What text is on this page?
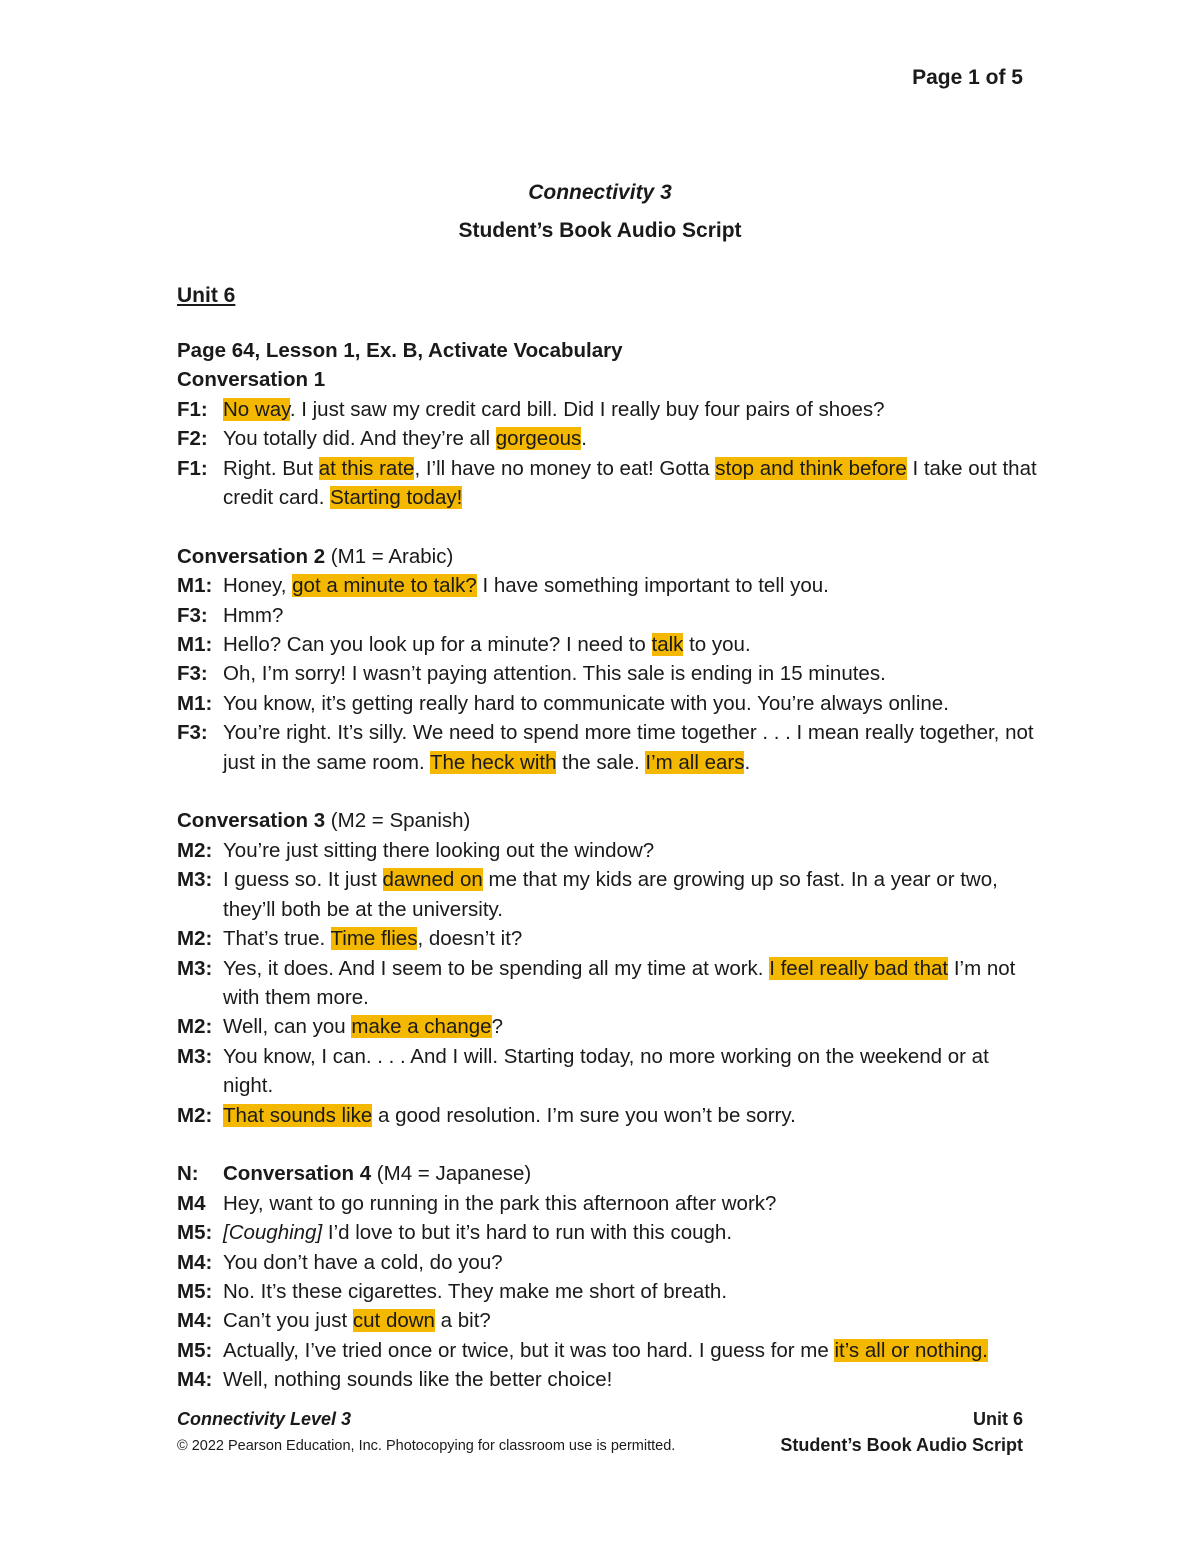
Page 1 of 5
Connectivity 3
Student’s Book Audio Script
Unit 6
Page 64, Lesson 1, Ex. B, Activate Vocabulary
Conversation 1
F1: No way. I just saw my credit card bill. Did I really buy four pairs of shoes?
F2: You totally did. And they’re all gorgeous.
F1: Right. But at this rate, I’ll have no money to eat! Gotta stop and think before I take out that credit card. Starting today!
Conversation 2 (M1 = Arabic)
M1: Honey, got a minute to talk? I have something important to tell you.
F3: Hmm?
M1: Hello? Can you look up for a minute? I need to talk to you.
F3: Oh, I’m sorry! I wasn’t paying attention. This sale is ending in 15 minutes.
M1: You know, it’s getting really hard to communicate with you. You’re always online.
F3: You’re right. It’s silly. We need to spend more time together . . . I mean really together, not just in the same room. The heck with the sale. I’m all ears.
Conversation 3 (M2 = Spanish)
M2: You’re just sitting there looking out the window?
M3: I guess so. It just dawned on me that my kids are growing up so fast. In a year or two, they’ll both be at the university.
M2: That’s true. Time flies, doesn’t it?
M3: Yes, it does. And I seem to be spending all my time at work. I feel really bad that I’m not with them more.
M2: Well, can you make a change?
M3: You know, I can. . . . And I will. Starting today, no more working on the weekend or at night.
M2: That sounds like a good resolution. I’m sure you won’t be sorry.
N:	Conversation 4 (M4 = Japanese)
M4 Hey, want to go running in the park this afternoon after work?
M5: [Coughing] I’d love to but it’s hard to run with this cough.
M4: You don’t have a cold, do you?
M5: No. It’s these cigarettes. They make me short of breath.
M4: Can’t you just cut down a bit?
M5: Actually, I’ve tried once or twice, but it was too hard. I guess for me it’s all or nothing.
M4: Well, nothing sounds like the better choice!
Connectivity Level 3
© 2022 Pearson Education, Inc. Photocopying for classroom use is permitted.
Unit 6
Student’s Book Audio Script
